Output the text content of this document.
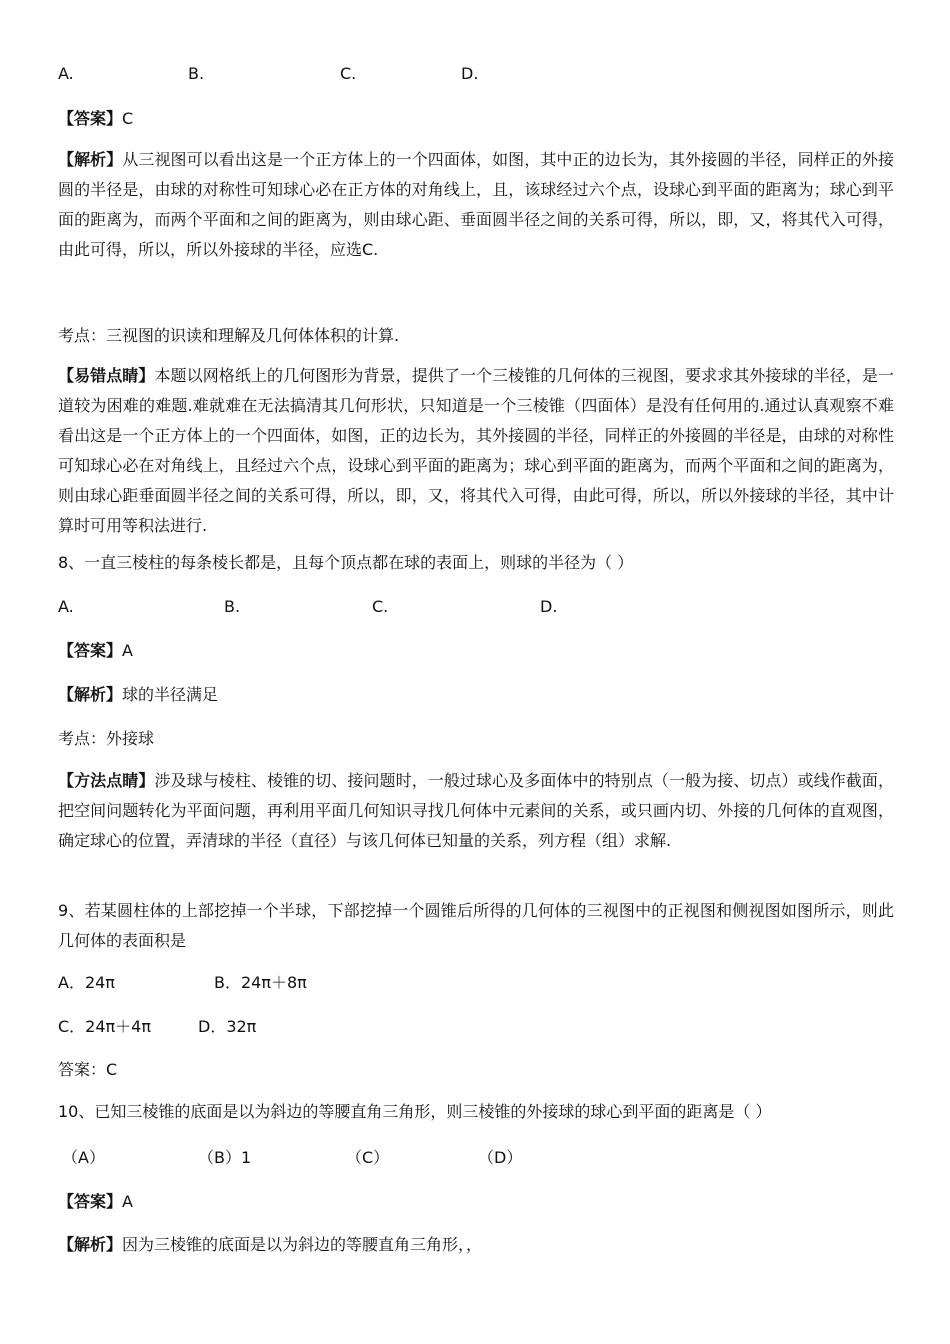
A.	B.	C.	D.
【答案】C
【解析】从三视图可以看出这是一个正方体上的一个四面体，如图，其中正的边长为，其外接圆的半径，同样正的外接圆的半径是，由球的对称性可知球心必在正方体的对角线上，且，该球经过六个点，设球心到平面的距离为；球心到平面的距离为，而两个平面和之间的距离为，则由球心距、垂面圆半径之间的关系可得，所以，即，又，将其代入可得，由此可得，所以，所以外接球的半径，应选C.
考点：三视图的识读和理解及几何体体积的计算.
【易错点睛】本题以网格纸上的几何图形为背景，提供了一个三棱锥的几何体的三视图，要求求其外接球的半径，是一道较为困难的难题.难就难在无法搞清其几何形状，只知道是一个三棱锥（四面体）是没有任何用的.通过认真观察不难看出这是一个正方体上的一个四面体，如图，正的边长为，其外接圆的半径，同样正的外接圆的半径是，由球的对称性可知球心必在对角线上，且经过六个点，设球心到平面的距离为；球心到平面的距离为，而两个平面和之间的距离为，则由球心距垂面圆半径之间的关系可得，所以，即，又，将其代入可得，由此可得，所以，所以外接球的半径，其中计算时可用等积法进行.
8、一直三棱柱的每条棱长都是，且每个顶点都在球的表面上，则球的半径为（ ）
A.	B.	C.	D.
【答案】A
【解析】球的半径满足
考点：外接球
【方法点睛】涉及球与棱柱、棱锥的切、接问题时，一般过球心及多面体中的特别点（一般为接、切点）或线作截面，把空间问题转化为平面问题，再利用平面几何知识寻找几何体中元素间的关系，或只画内切、外接的几何体的直观图，确定球心的位置，弄清球的半径（直径）与该几何体已知量的关系，列方程（组）求解.
9、若某圆柱体的上部挖掉一个半球，下部挖掉一个圆锥后所得的几何体的三视图中的正视图和侧视图如图所示，则此几何体的表面积是
A．24π	B．24π＋8π
C．24π＋4π	D．32π
答案：C
10、已知三棱锥的底面是以为斜边的等腰直角三角形，则三棱锥的外接球的球心到平面的距离是（ ）
（A）	（B）1	（C）	（D）
【答案】A
【解析】因为三棱锥的底面是以为斜边的等腰直角三角形，，
